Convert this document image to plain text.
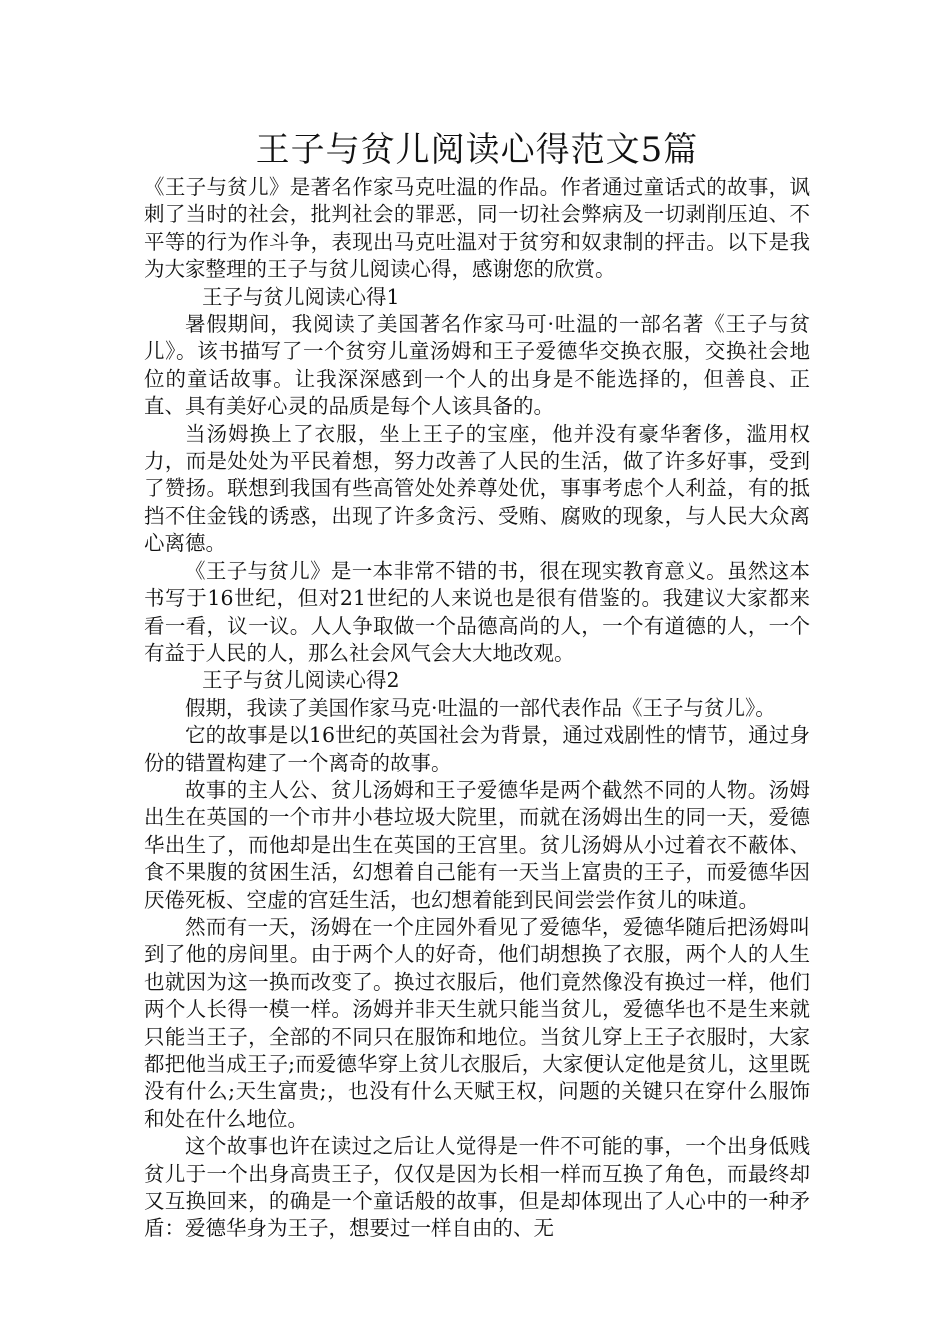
王子与贫儿阅读心得范文5篇

《王子与贫儿》是著名作家马克吐温的作品。作者通过童话式的故事，讽刺了当时的社会，批判社会的罪恶，同一切社会弊病及一切剥削压迫、不平等的行为作斗争，表现出马克吐温对于贫穷和奴隶制的抨击。以下是我为大家整理的王子与贫儿阅读心得，感谢您的欣赏。

王子与贫儿阅读心得1

暑假期间，我阅读了美国著名作家马可·吐温的一部名著《王子与贫儿》。该书描写了一个贫穷儿童汤姆和王子爱德华交换衣服，交换社会地位的童话故事。让我深深感到一个人的出身是不能选择的，但善良、正直、具有美好心灵的品质是每个人该具备的。

当汤姆换上了衣服，坐上王子的宝座，他并没有豪华奢侈，滥用权力，而是处处为平民着想，努力改善了人民的生活，做了许多好事，受到了赞扬。联想到我国有些高管处处养尊处优，事事考虑个人利益，有的抵挡不住金钱的诱惑，出现了许多贪污、受贿、腐败的现象，与人民大众离心离德。

《王子与贫儿》是一本非常不错的书，很在现实教育意义。虽然这本书写于16世纪，但对21世纪的人来说也是很有借鉴的。我建议大家都来看一看，议一议。人人争取做一个品德高尚的人，一个有道德的人，一个有益于人民的人，那么社会风气会大大地改观。

王子与贫儿阅读心得2

假期，我读了美国作家马克·吐温的一部代表作品《王子与贫儿》。

它的故事是以16世纪的英国社会为背景，通过戏剧性的情节，通过身份的错置构建了一个离奇的故事。

故事的主人公、贫儿汤姆和王子爱德华是两个截然不同的人物。汤姆出生在英国的一个市井小巷垃圾大院里，而就在汤姆出生的同一天，爱德华出生了，而他却是出生在英国的王宫里。贫儿汤姆从小过着衣不蔽体、食不果腹的贫困生活，幻想着自己能有一天当上富贵的王子，而爱德华因厌倦死板、空虚的宫廷生活，也幻想着能到民间尝尝作贫儿的味道。

然而有一天，汤姆在一个庄园外看见了爱德华，爱德华随后把汤姆叫到了他的房间里。由于两个人的好奇，他们胡想换了衣服，两个人的人生也就因为这一换而改变了。换过衣服后，他们竟然像没有换过一样，他们两个人长得一模一样。汤姆并非天生就只能当贫儿，爱德华也不是生来就只能当王子，全部的不同只在服饰和地位。当贫儿穿上王子衣服时，大家都把他当成王子;而爱德华穿上贫儿衣服后，大家便认定他是贫儿，这里既没有什么;天生富贵;，也没有什么天赋王权，问题的关键只在穿什么服饰和处在什么地位。

这个故事也许在读过之后让人觉得是一件不可能的事，一个出身低贱贫儿于一个出身高贵王子，仅仅是因为长相一样而互换了角色，而最终却又互换回来，的确是一个童话般的故事，但是却体现出了人心中的一种矛盾：爱德华身为王子，想要过一样自由的、无
